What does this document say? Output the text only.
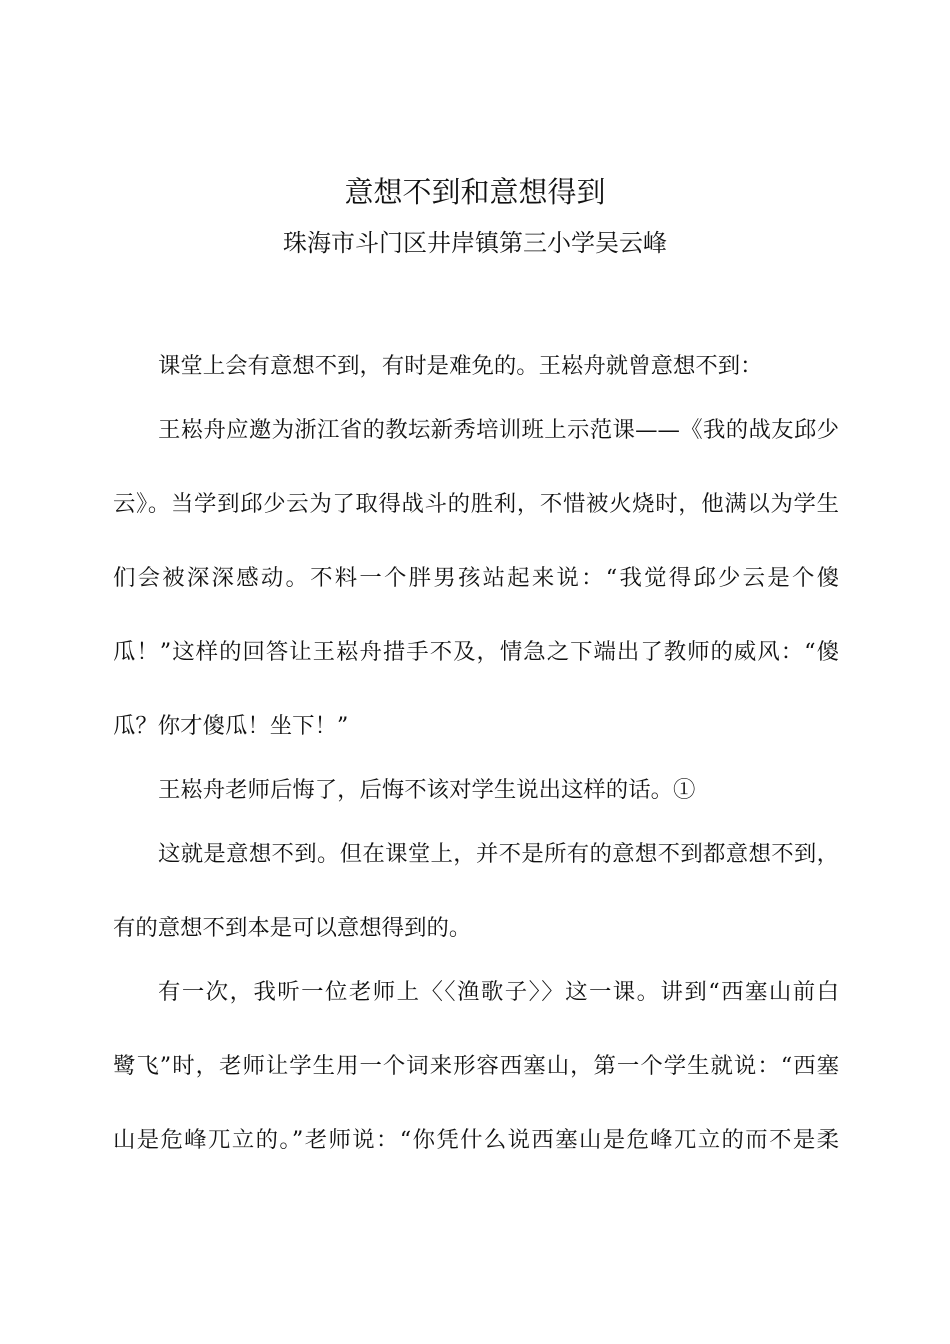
意想不到和意想得到
珠海市斗门区井岸镇第三小学吴云峰
课堂上会有意想不到，有时是难免的。王崧舟就曾意想不到：
王崧舟应邀为浙江省的教坛新秀培训班上示范课——《我的战友邱少
云》。当学到邱少云为了取得战斗的胜利，不惜被火烧时，他满以为学生
们会被深深感动。不料一个胖男孩站起来说：“我觉得邱少云是个傻
瓜！”这样的回答让王崧舟措手不及，情急之下端出了教师的威风：“傻
瓜？你才傻瓜！坐下！”
王崧舟老师后悔了，后悔不该对学生说出这样的话。①
这就是意想不到。但在课堂上，并不是所有的意想不到都意想不到，
有的意想不到本是可以意想得到的。
有一次，我听一位老师上〈〈渔歌子〉〉这一课。讲到“西塞山前白
鹭飞”时，老师让学生用一个词来形容西塞山，第一个学生就说：“西塞
山是危峰兀立的。”老师说：“你凭什么说西塞山是危峰兀立的而不是柔
